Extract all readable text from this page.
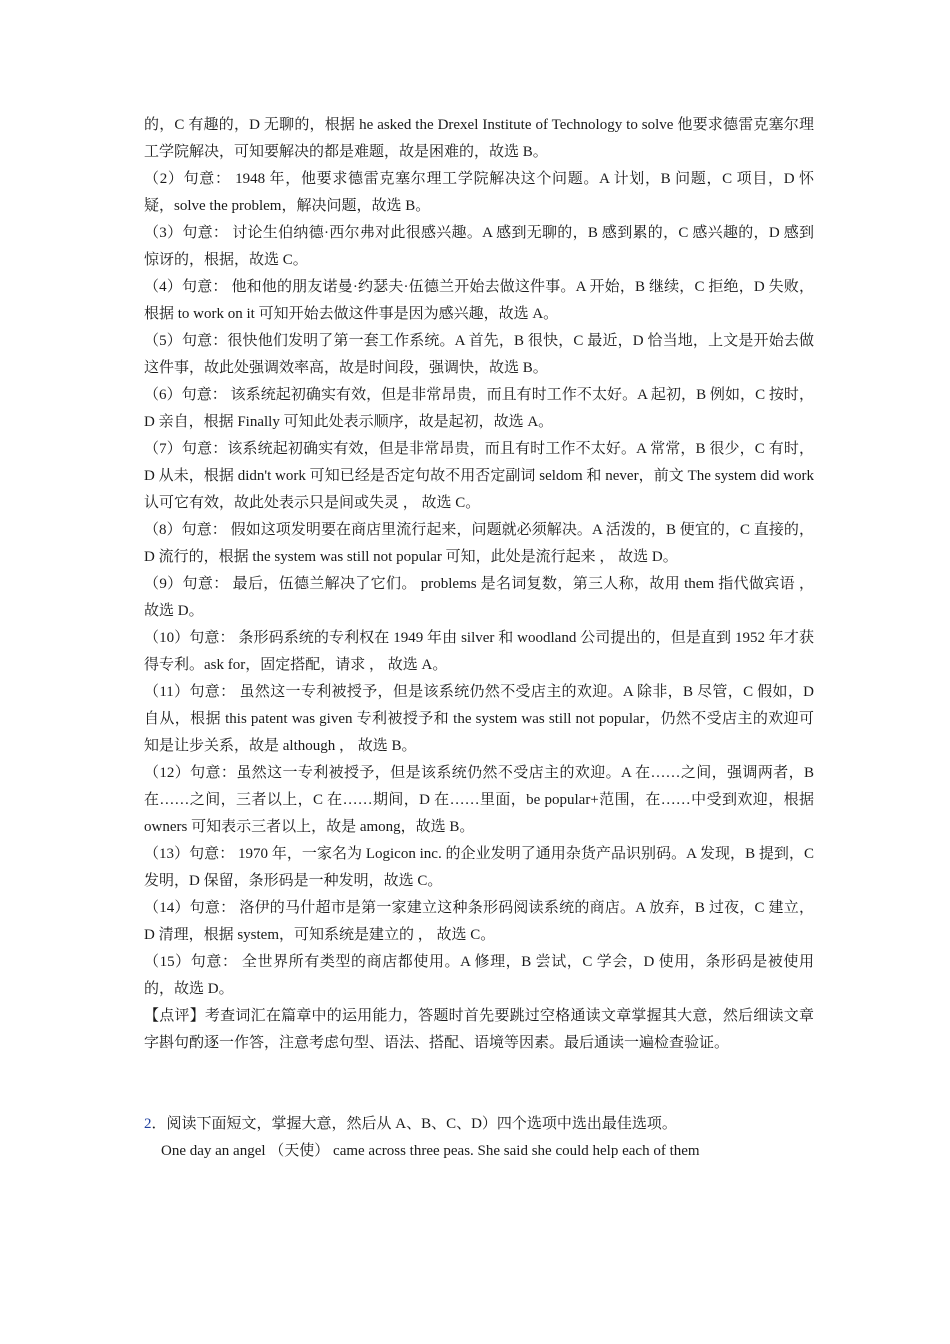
的，C 有趣的，D 无聊的，根据 he asked the Drexel Institute of Technology to solve 他要求德雷克塞尔理工学院解决，可知要解决的都是难题，故是困难的，故选 B。

（2）句意： 1948 年，他要求德雷克塞尔理工学院解决这个问题。A 计划，B 问题，C 项目，D 怀疑，solve the problem，解决问题，故选 B。

（3）句意： 讨论生伯纳德·西尔弗对此很感兴趣。A 感到无聊的，B 感到累的，C 感兴趣的，D 感到惊讶的，根据，故选 C。

（4）句意： 他和他的朋友诺曼·约瑟夫·伍德兰开始去做这件事。A 开始，B 继续，C 拒绝，D 失败，根据 to work on it 可知开始去做这件事是因为感兴趣，故选 A。

（5）句意：很快他们发明了第一套工作系统。A 首先，B 很快，C 最近，D 恰当地，上文是开始去做这件事，故此处强调效率高，故是时间段，强调快，故选 B。

（6）句意： 该系统起初确实有效，但是非常昂贵，而且有时工作不太好。A 起初，B 例如，C 按时，D 亲自，根据 Finally 可知此处表示顺序，故是起初，故选 A。

（7）句意：该系统起初确实有效，但是非常昂贵，而且有时工作不太好。A 常常，B 很少，C 有时，D 从未，根据 didn't work 可知已经是否定句故不用否定副词 seldom 和 never，前文 The system did work 认可它有效，故此处表示只是间或失灵 ， 故选 C。

（8）句意： 假如这项发明要在商店里流行起来，问题就必须解决。A 活泼的，B 便宜的，C 直接的，D 流行的，根据 the system was still not popular 可知，此处是流行起来 ， 故选 D。

（9）句意： 最后，伍德兰解决了它们。 problems 是名词复数，第三人称，故用 them 指代做宾语 ， 故选 D。

（10）句意： 条形码系统的专利权在 1949 年由 silver 和 woodland 公司提出的，但是直到 1952 年才获得专利。ask for，固定搭配，请求 ， 故选 A。

（11）句意： 虽然这一专利被授予，但是该系统仍然不受店主的欢迎。A 除非，B 尽管，C 假如，D 自从，根据 this patent was given 专利被授予和 the system was still not popular，仍然不受店主的欢迎可知是让步关系，故是 although ， 故选 B。

（12）句意：虽然这一专利被授予，但是该系统仍然不受店主的欢迎。A 在……之间，强调两者，B 在……之间，三者以上，C 在……期间，D 在……里面，be popular+范围，在……中受到欢迎，根据 owners 可知表示三者以上，故是 among，故选 B。

（13）句意： 1970 年，一家名为 Logicon inc. 的企业发明了通用杂货产品识别码。A 发现，B 提到，C 发明，D 保留，条形码是一种发明，故选 C。

（14）句意： 洛伊的马什超市是第一家建立这种条形码阅读系统的商店。A 放弃，B 过夜，C 建立，D 清理，根据 system，可知系统是建立的 ， 故选 C。

（15）句意： 全世界所有类型的商店都使用。A 修理，B 尝试，C 学会，D 使用，条形码是被使用的，故选 D。

【点评】考查词汇在篇章中的运用能力，答题时首先要跳过空格通读文章掌握其大意，然后细读文章字斟句酌逐一作答，注意考虑句型、语法、搭配、语境等因素。最后通读一遍检查验证。

2．阅读下面短文，掌握大意，然后从 A、B、C、D）四个选项中选出最佳选项。

One day an angel （天使） came across three peas. She said she could help each of them
